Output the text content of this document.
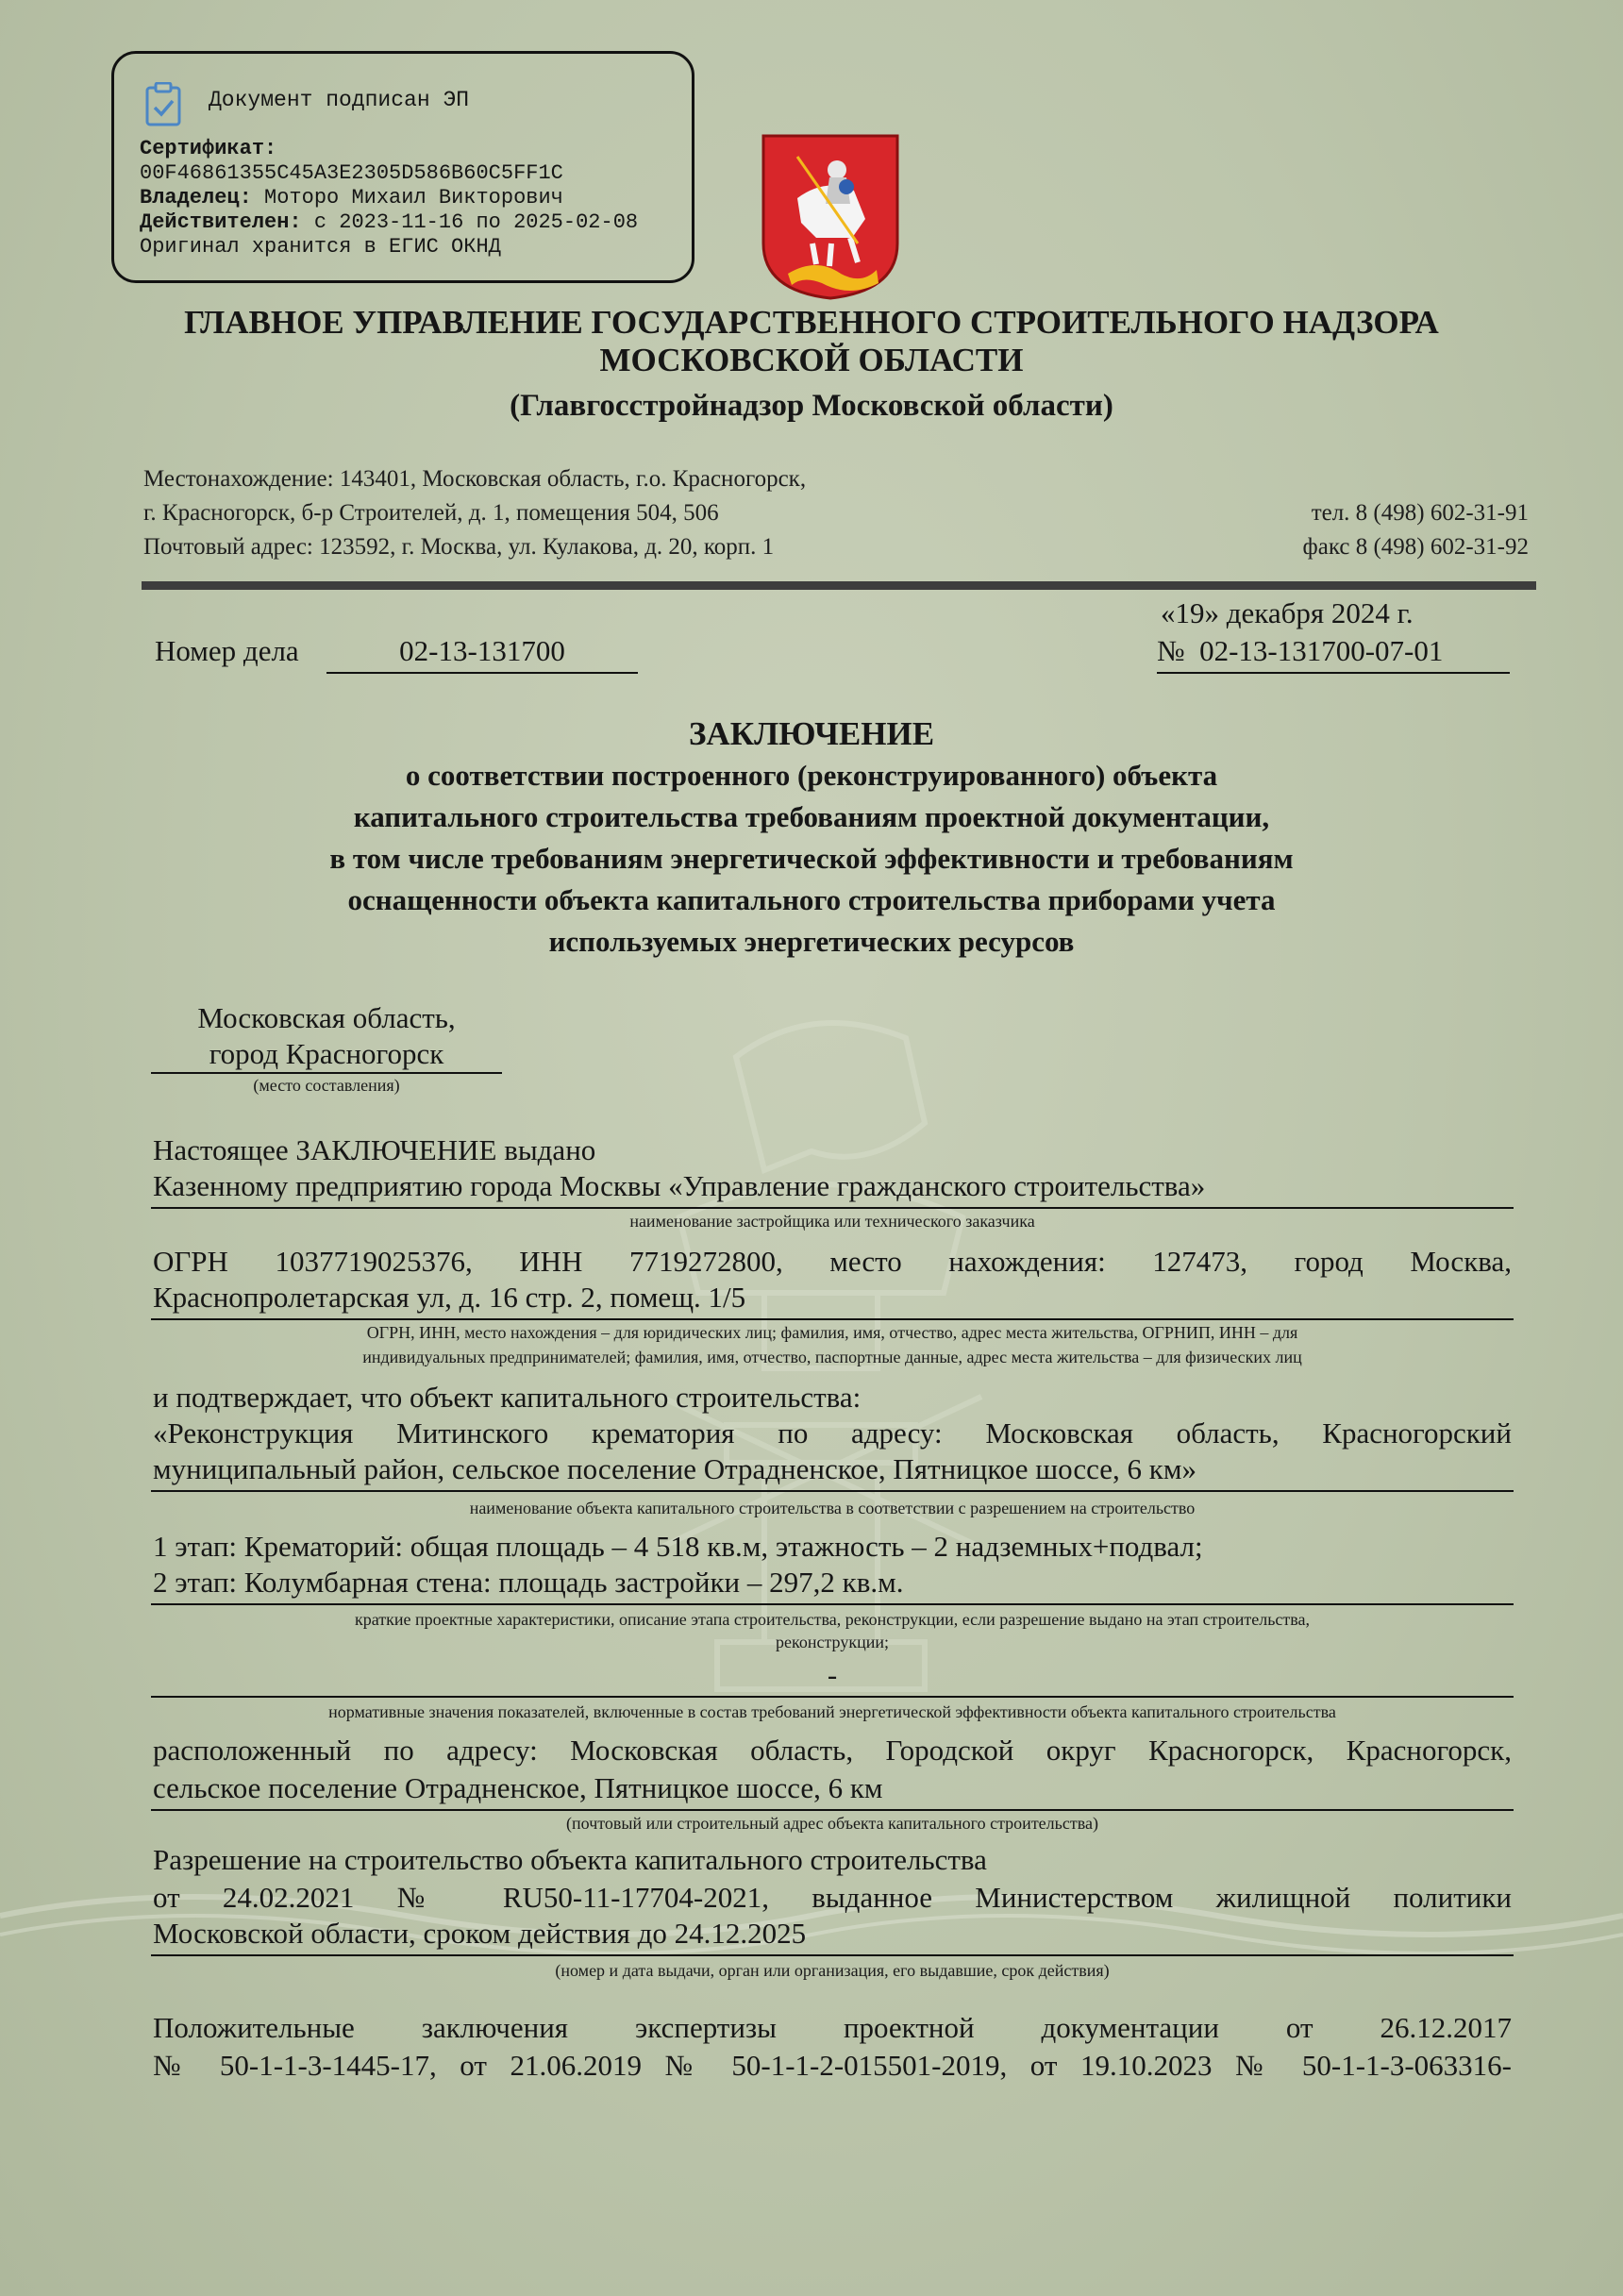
Документ подписан ЭП
Сертификат:
00F46861355C45A3E2305D586B60C5FF1C
Владелец: Моторо Михаил Викторович
Действителен: с 2023-11-16 по 2025-02-08
Оригинал хранится в ЕГИС ОКНД
ГЛАВНОЕ УПРАВЛЕНИЕ ГОСУДАРСТВЕННОГО СТРОИТЕЛЬНОГО НАДЗОРА
МОСКОВСКОЙ ОБЛАСТИ
(Главгосстройнадзор Московской области)
Местонахождение: 143401, Московская область, г.о. Красногорск,
г. Красногорск, б-р Строителей, д. 1, помещения 504, 506
Почтовый адрес: 123592, г. Москва, ул. Кулакова, д. 20, корп. 1
тел. 8 (498) 602-31-91
факс 8 (498) 602-31-92
Номер дела	02-13-131700
«19» декабря 2024 г.
№  02-13-131700-07-01
ЗАКЛЮЧЕНИЕ
о соответствии построенного (реконструированного) объекта
капитального строительства требованиям проектной документации,
в том числе требованиям энергетической эффективности и требованиям
оснащенности объекта капитального строительства приборами учета
используемых энергетических ресурсов
Московская область,
город Красногорск
(место составления)
Настоящее ЗАКЛЮЧЕНИЕ выдано
Казенному предприятию города Москвы «Управление гражданского строительства»
наименование застройщика или технического заказчика
ОГРН 1037719025376, ИНН 7719272800, место нахождения: 127473, город Москва,
Краснопролетарская ул, д. 16 стр. 2, помещ. 1/5
ОГРН, ИНН, место нахождения – для юридических лиц; фамилия, имя, отчество, адрес места жительства, ОГРНИП, ИНН – для
индивидуальных предпринимателей; фамилия, имя, отчество, паспортные данные, адрес места жительства – для физических лиц
и подтверждает, что объект капитального строительства:
«Реконструкция Митинского крематория по адресу: Московская область, Красногорский
муниципальный район, сельское поселение Отрадненское, Пятницкое шоссе, 6 км»
наименование объекта капитального строительства в соответствии с разрешением на строительство
1 этап: Крематорий: общая площадь – 4 518 кв.м, этажность – 2 надземных+подвал;
2 этап: Колумбарная стена: площадь застройки – 297,2 кв.м.
краткие проектные характеристики, описание этапа строительства, реконструкции, если разрешение выдано на этап строительства,
реконструкции;
-
нормативные значения показателей, включенные в состав требований энергетической эффективности объекта капитального строительства
расположенный по адресу: Московская область, Городской округ Красногорск, Красногорск,
сельское поселение Отрадненское, Пятницкое шоссе, 6 км
(почтовый или строительный адрес объекта капитального строительства)
Разрешение на строительство объекта капитального строительства
от 24.02.2021 № RU50-11-17704-2021, выданное Министерством жилищной политики
Московской области, сроком действия до 24.12.2025
(номер и дата выдачи, орган или организация, его выдавшие, срок действия)
Положительные заключения экспертизы проектной документации от 26.12.2017
№ 50-1-1-3-1445-17, от 21.06.2019 № 50-1-1-2-015501-2019, от 19.10.2023 № 50-1-1-3-063316-
